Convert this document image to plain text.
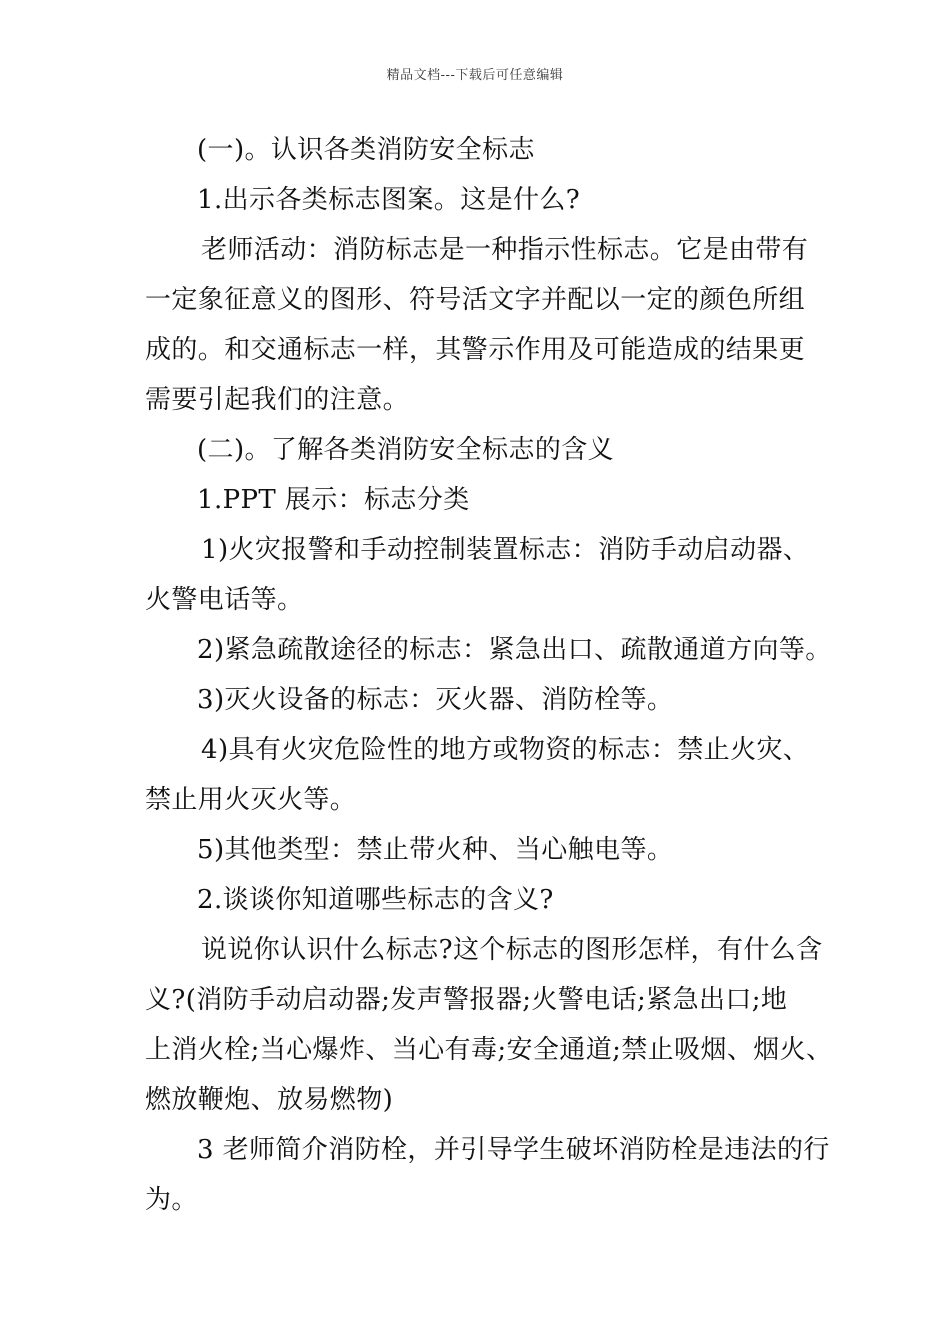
精品文档---下载后可任意编辑
(一)。认识各类消防安全标志
1.出示各类标志图案。这是什么?
老师活动：消防标志是一种指示性标志。它是由带有
一定象征意义的图形、符号活文字并配以一定的颜色所组
成的。和交通标志一样，其警示作用及可能造成的结果更
需要引起我们的注意。
(二)。了解各类消防安全标志的含义
1.PPT 展示：标志分类
1)火灾报警和手动控制装置标志：消防手动启动器、
火警电话等。
2)紧急疏散途径的标志：紧急出口、疏散通道方向等。
3)灭火设备的标志：灭火器、消防栓等。
4)具有火灾危险性的地方或物资的标志：禁止火灾、
禁止用火灭火等。
5)其他类型：禁止带火种、当心触电等。
2.谈谈你知道哪些标志的含义?
说说你认识什么标志?这个标志的图形怎样，有什么含
义?(消防手动启动器;发声警报器;火警电话;紧急出口;地
上消火栓;当心爆炸、当心有毒;安全通道;禁止吸烟、烟火、
燃放鞭炮、放易燃物)
3 老师简介消防栓，并引导学生破坏消防栓是违法的行
为。
